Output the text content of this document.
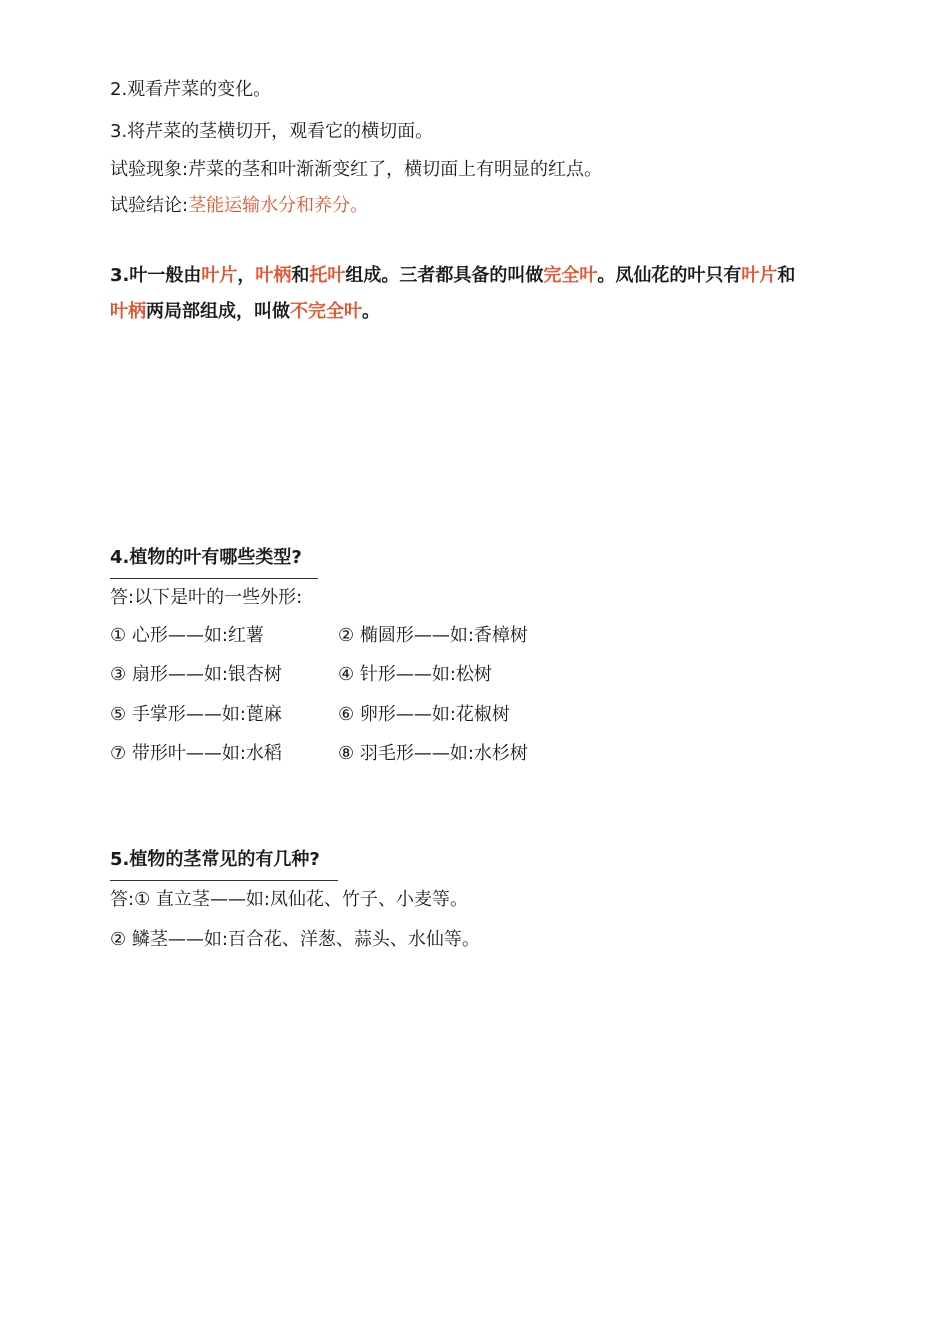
2.观看芹菜的变化。
3.将芹菜的茎横切开，观看它的横切面。
试验现象:芹菜的茎和叶渐渐变红了，横切面上有明显的红点。
试验结论:茎能运输水分和养分。
3.叶一般由叶片，叶柄和托叶组成。三者都具备的叫做完全叶。凤仙花的叶只有叶片和
叶柄两局部组成，叫做不完全叶。
4.植物的叶有哪些类型?
答:以下是叶的一些外形:
① 心形——如:红薯	② 椭圆形——如:香樟树
③ 扇形——如:银杏树	④ 针形——如:松树
⑤ 手掌形——如:蓖麻	⑥ 卵形——如:花椒树
⑦ 带形叶——如:水稻	⑧ 羽毛形——如:水杉树
5.植物的茎常见的有几种?
答:① 直立茎——如:凤仙花、竹子、小麦等。
② 鳞茎——如:百合花、洋葱、蒜头、水仙等。
